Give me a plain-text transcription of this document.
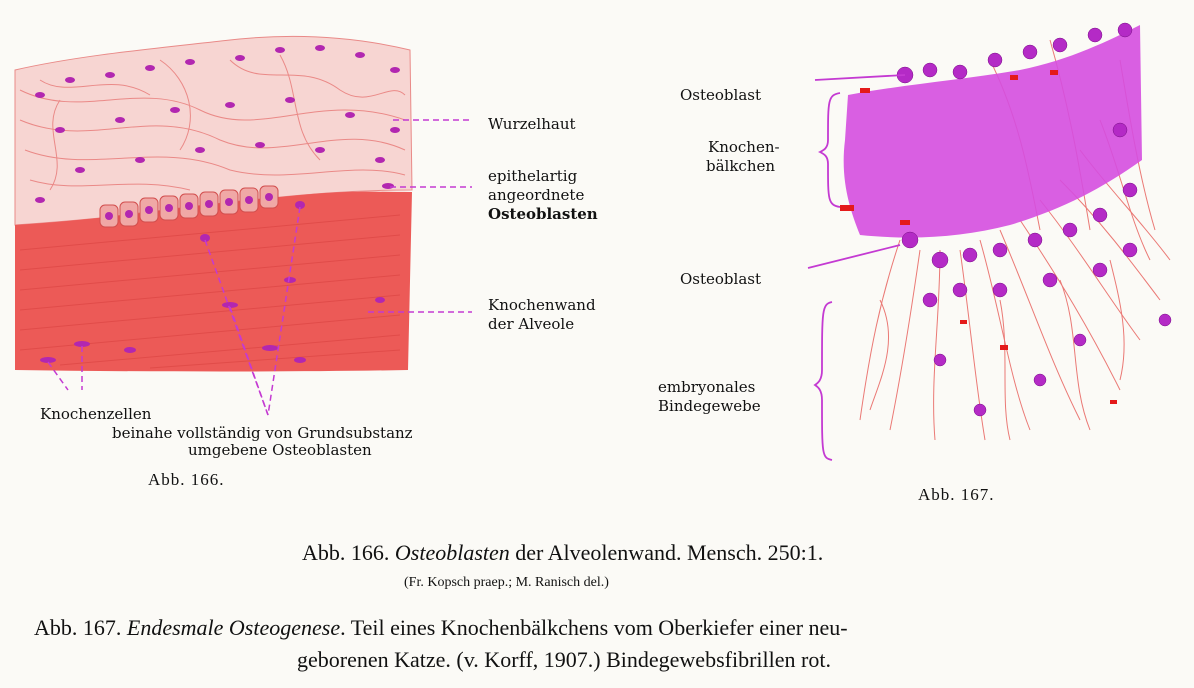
Wurzelhaut
epithelartig
angeordnete
Osteoblasten
Knochenwand
der Alveole
Knochenzellen
beinahe vollständig von Grundsubstanz
umgebene Osteoblasten
Abb. 166.
Osteoblast
Knochen-
bälkchen
Osteoblast
embryonales
Bindegewebe
Abb. 167.
Abb. 166. Osteoblasten der Alveolenwand. Mensch. 250:1.
(Fr. Kopsch praep.; M. Ranisch del.)
Abb. 167. Endesmale Osteogenese. Teil eines Knochenbälkchens vom Oberkiefer einer neu-
geborenen Katze. (v. Korff, 1907.) Bindegewebsfibrillen rot.
